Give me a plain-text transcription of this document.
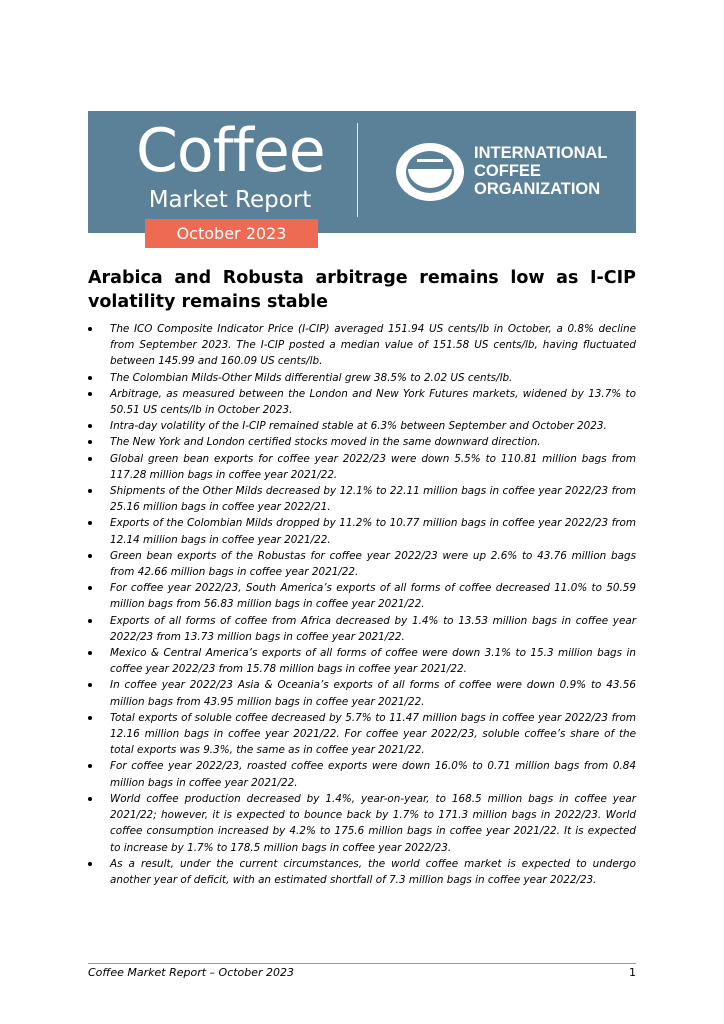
Coffee
Market Report
INTERNATIONAL
COFFEE
ORGANIZATION
October 2023
Arabica and Robusta arbitrage remains low as I-CIP volatility remains stable
The ICO Composite Indicator Price (I-CIP) averaged 151.94 US cents/lb in October, a 0.8% decline from September 2023. The I-CIP posted a median value of 151.58 US cents/lb, having fluctuated between 145.99 and 160.09 US cents/lb.
The Colombian Milds-Other Milds differential grew 38.5% to 2.02 US cents/lb.
Arbitrage, as measured between the London and New York Futures markets, widened by 13.7% to 50.51 US cents/lb in October 2023.
Intra-day volatility of the I-CIP remained stable at 6.3% between September and October 2023.
The New York and London certified stocks moved in the same downward direction.
Global green bean exports for coffee year 2022/23 were down 5.5% to 110.81 million bags from 117.28 million bags in coffee year 2021/22.
Shipments of the Other Milds decreased by 12.1% to 22.11 million bags in coffee year 2022/23 from 25.16 million bags in coffee year 2022/21.
Exports of the Colombian Milds dropped by 11.2% to 10.77 million bags in coffee year 2022/23 from 12.14 million bags in coffee year 2021/22.
Green bean exports of the Robustas for coffee year 2022/23 were up 2.6% to 43.76 million bags from 42.66 million bags in coffee year 2021/22.
For coffee year 2022/23, South America’s exports of all forms of coffee decreased 11.0% to 50.59 million bags from 56.83 million bags in coffee year 2021/22.
Exports of all forms of coffee from Africa decreased by 1.4% to 13.53 million bags in coffee year 2022/23 from 13.73 million bags in coffee year 2021/22.
Mexico & Central America’s exports of all forms of coffee were down 3.1% to 15.3 million bags in coffee year 2022/23 from 15.78 million bags in coffee year 2021/22.
In coffee year 2022/23 Asia & Oceania’s exports of all forms of coffee were down 0.9% to 43.56 million bags from 43.95 million bags in coffee year 2021/22.
Total exports of soluble coffee decreased by 5.7% to 11.47 million bags in coffee year 2022/23 from 12.16 million bags in coffee year 2021/22. For coffee year 2022/23, soluble coffee’s share of the total exports was 9.3%, the same as in coffee year 2021/22.
For coffee year 2022/23, roasted coffee exports were down 16.0% to 0.71 million bags from 0.84 million bags in coffee year 2021/22.
World coffee production decreased by 1.4%, year-on-year, to 168.5 million bags in coffee year 2021/22; however, it is expected to bounce back by 1.7% to 171.3 million bags in 2022/23. World coffee consumption increased by 4.2% to 175.6 million bags in coffee year 2021/22. It is expected to increase by 1.7% to 178.5 million bags in coffee year 2022/23.
As a result, under the current circumstances, the world coffee market is expected to undergo another year of deficit, with an estimated shortfall of 7.3 million bags in coffee year 2022/23.
Coffee Market Report – October 2023	1
